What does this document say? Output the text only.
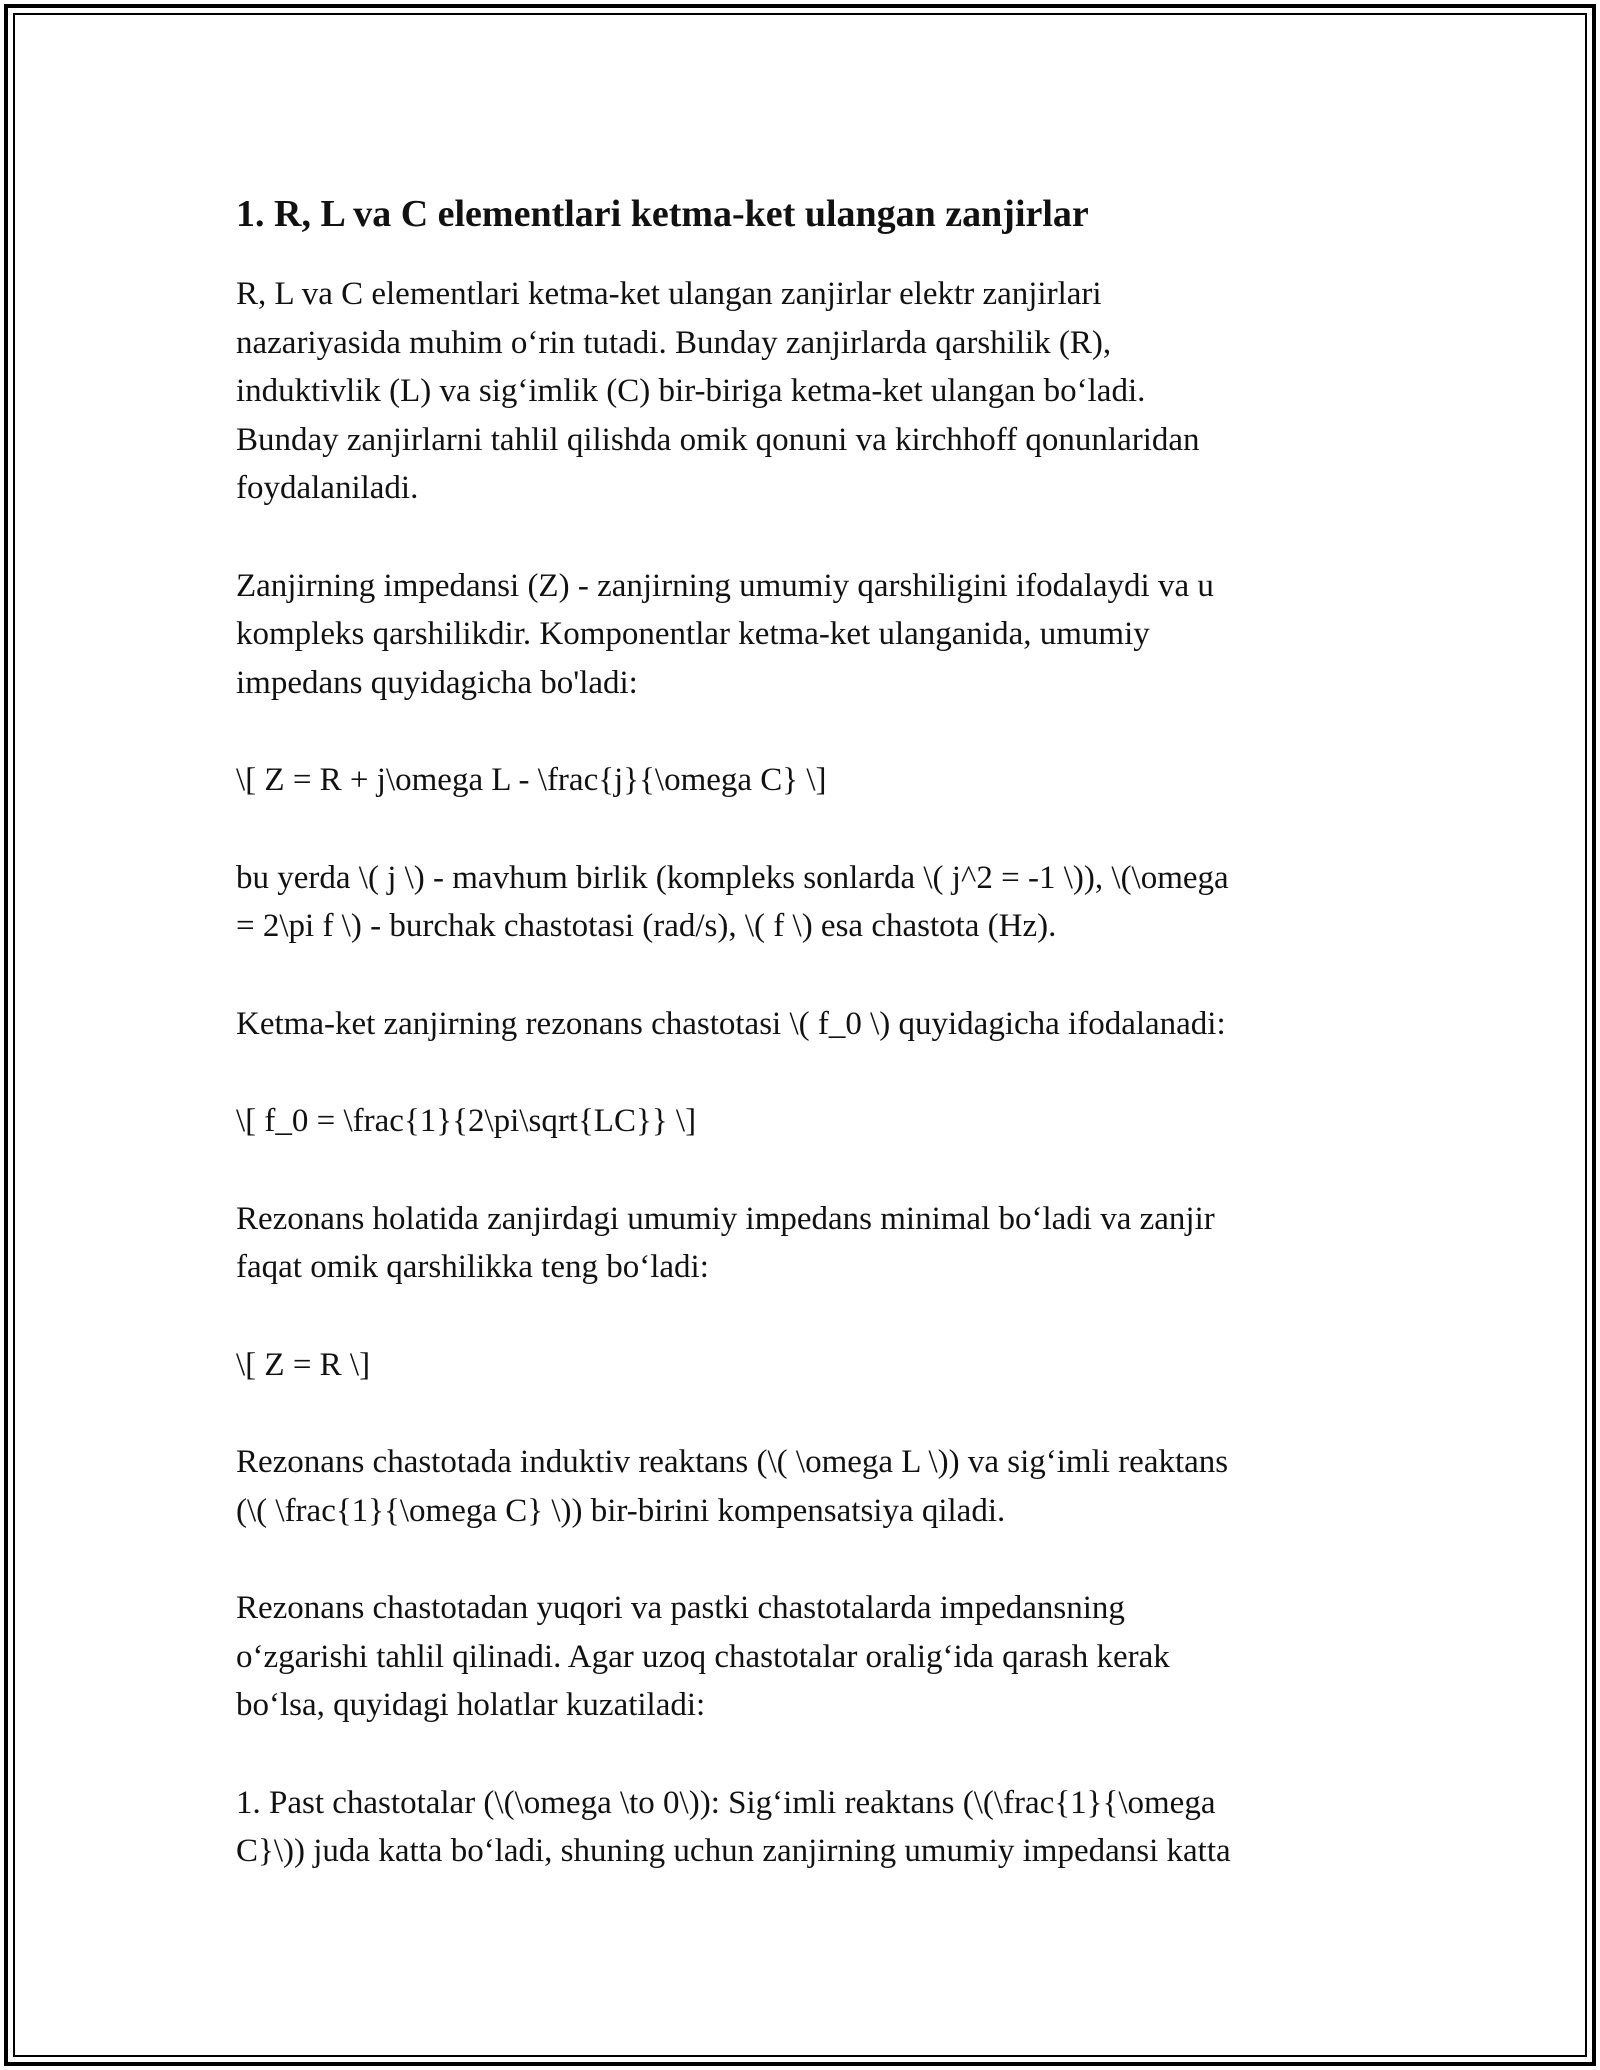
1. R, L va C elementlari ketma-ket ulangan zanjirlar

R, L va C elementlari ketma-ket ulangan zanjirlar elektr zanjirlari
nazariyasida muhim o‘rin tutadi. Bunday zanjirlarda qarshilik (R),
induktivlik (L) va sig‘imlik (C) bir-biriga ketma-ket ulangan bo‘ladi.
Bunday zanjirlarni tahlil qilishda omik qonuni va kirchhoff qonunlaridan
foydalaniladi.

Zanjirning impedansi (Z) - zanjirning umumiy qarshiligini ifodalaydi va u
kompleks qarshilikdir. Komponentlar ketma-ket ulanganida, umumiy
impedans quyidagicha bo'ladi:

\[ Z = R + j\omega L - \frac{j}{\omega C} \]

bu yerda \( j \) - mavhum birlik (kompleks sonlarda \( j^2 = -1 \)), \(\omega
= 2\pi f \) - burchak chastotasi (rad/s), \( f \) esa chastota (Hz).

Ketma-ket zanjirning rezonans chastotasi \( f_0 \) quyidagicha ifodalanadi:

\[ f_0 = \frac{1}{2\pi\sqrt{LC}} \]

Rezonans holatida zanjirdagi umumiy impedans minimal bo‘ladi va zanjir
faqat omik qarshilikka teng bo‘ladi:

\[ Z = R \]

Rezonans chastotada induktiv reaktans (\( \omega L \)) va sig‘imli reaktans
(\( \frac{1}{\omega C} \)) bir-birini kompensatsiya qiladi.

Rezonans chastotadan yuqori va pastki chastotalarda impedansning
o‘zgarishi tahlil qilinadi. Agar uzoq chastotalar oralig‘ida qarash kerak
bo‘lsa, quyidagi holatlar kuzatiladi:

1. Past chastotalar (\(\omega \to 0\)): Sig‘imli reaktans (\(\frac{1}{\omega
C}\)) juda katta bo‘ladi, shuning uchun zanjirning umumiy impedansi katta
